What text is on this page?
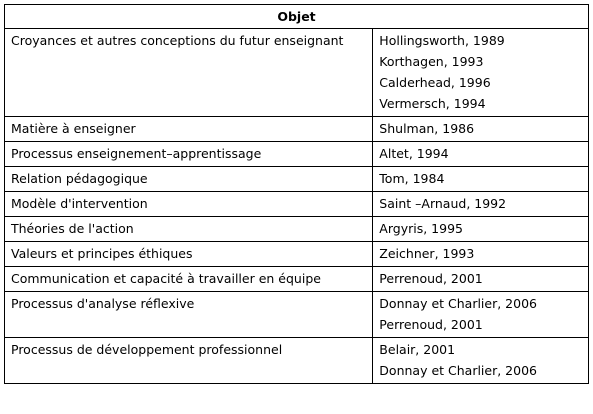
Objet	
Croyances et autres conceptions du futur enseignant	Hollingsworth, 1989
Korthagen, 1993
Calderhead, 1996
Vermersch, 1994

Matière à enseigner	Shulman, 1986

Processus enseignement–apprentissage	Altet, 1994

Relation pédagogique	Tom, 1984

Modèle d'intervention	Saint –Arnaud, 1992

Théories de l'action	Argyris, 1995

Valeurs et principes éthiques	Zeichner, 1993

Communication et capacité à travailler en équipe	Perrenoud, 2001

Processus d'analyse réflexive	Donnay et Charlier, 2006
Perrenoud, 2001

Processus de développement professionnel	Belair, 2001
Donnay et Charlier, 2006
